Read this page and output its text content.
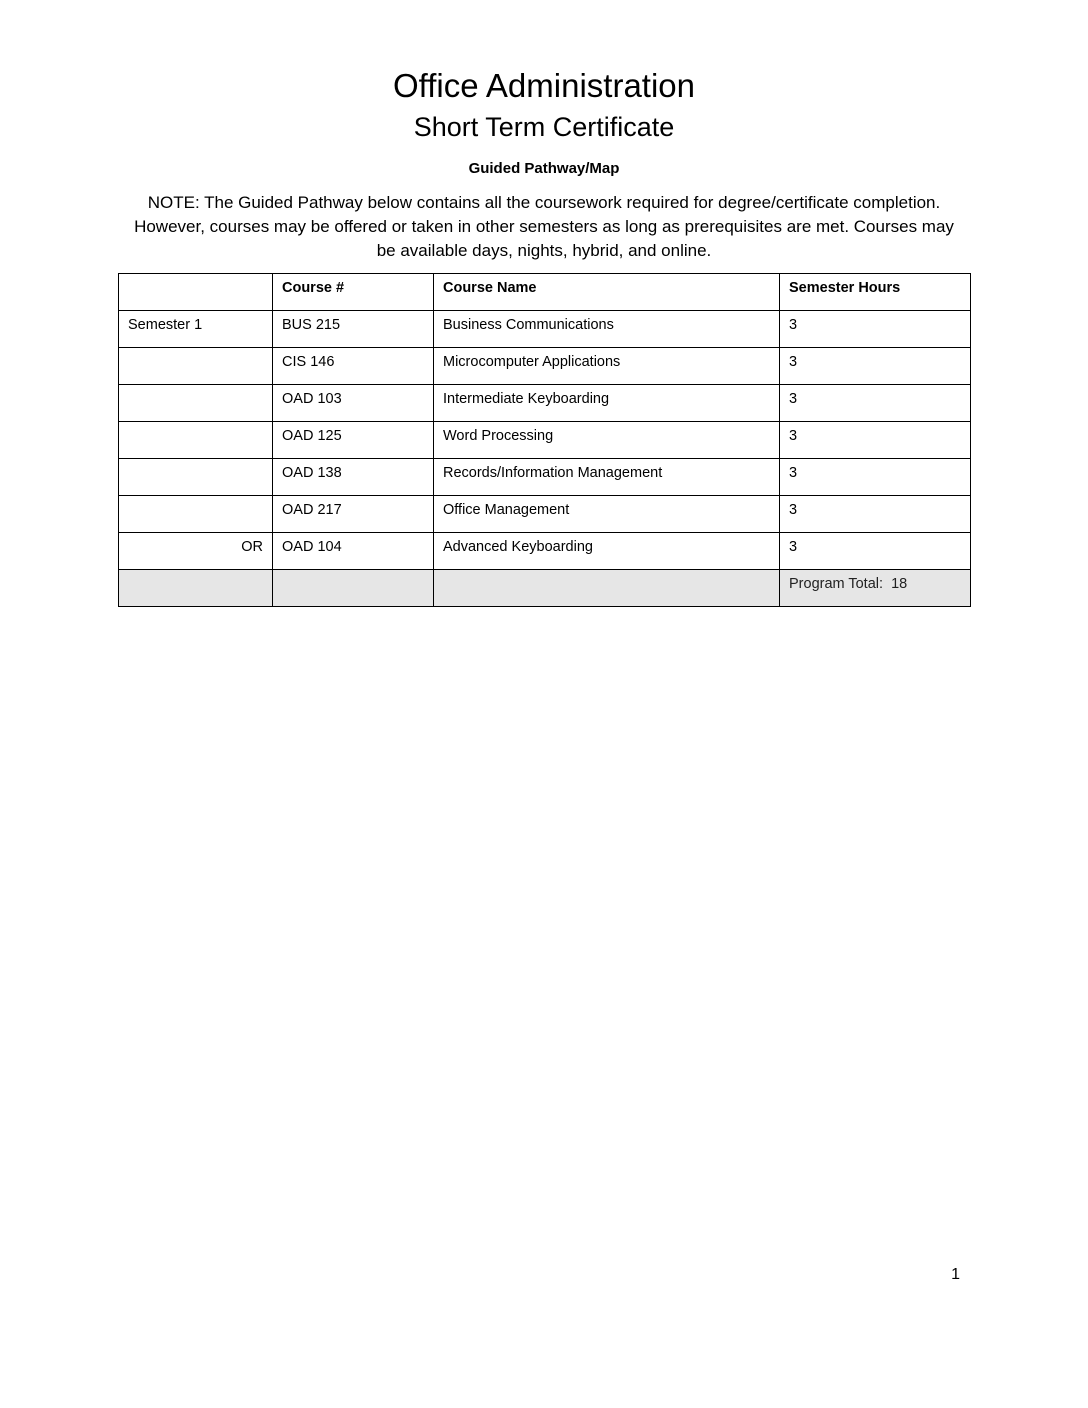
Office Administration
Short Term Certificate
Guided Pathway/Map

NOTE: The Guided Pathway below contains all the coursework required for degree/certificate completion. However, courses may be offered or taken in other semesters as long as prerequisites are met. Courses may be available days, nights, hybrid, and online.

	Course #	Course Name	Semester Hours
Semester 1	BUS 215	Business Communications	3
	CIS 146	Microcomputer Applications	3
	OAD 103	Intermediate Keyboarding	3
	OAD 125	Word Processing	3
	OAD 138	Records/Information Management	3
	OAD 217	Office Management	3
OR	OAD 104	Advanced Keyboarding	3
			Program Total:  18
1
